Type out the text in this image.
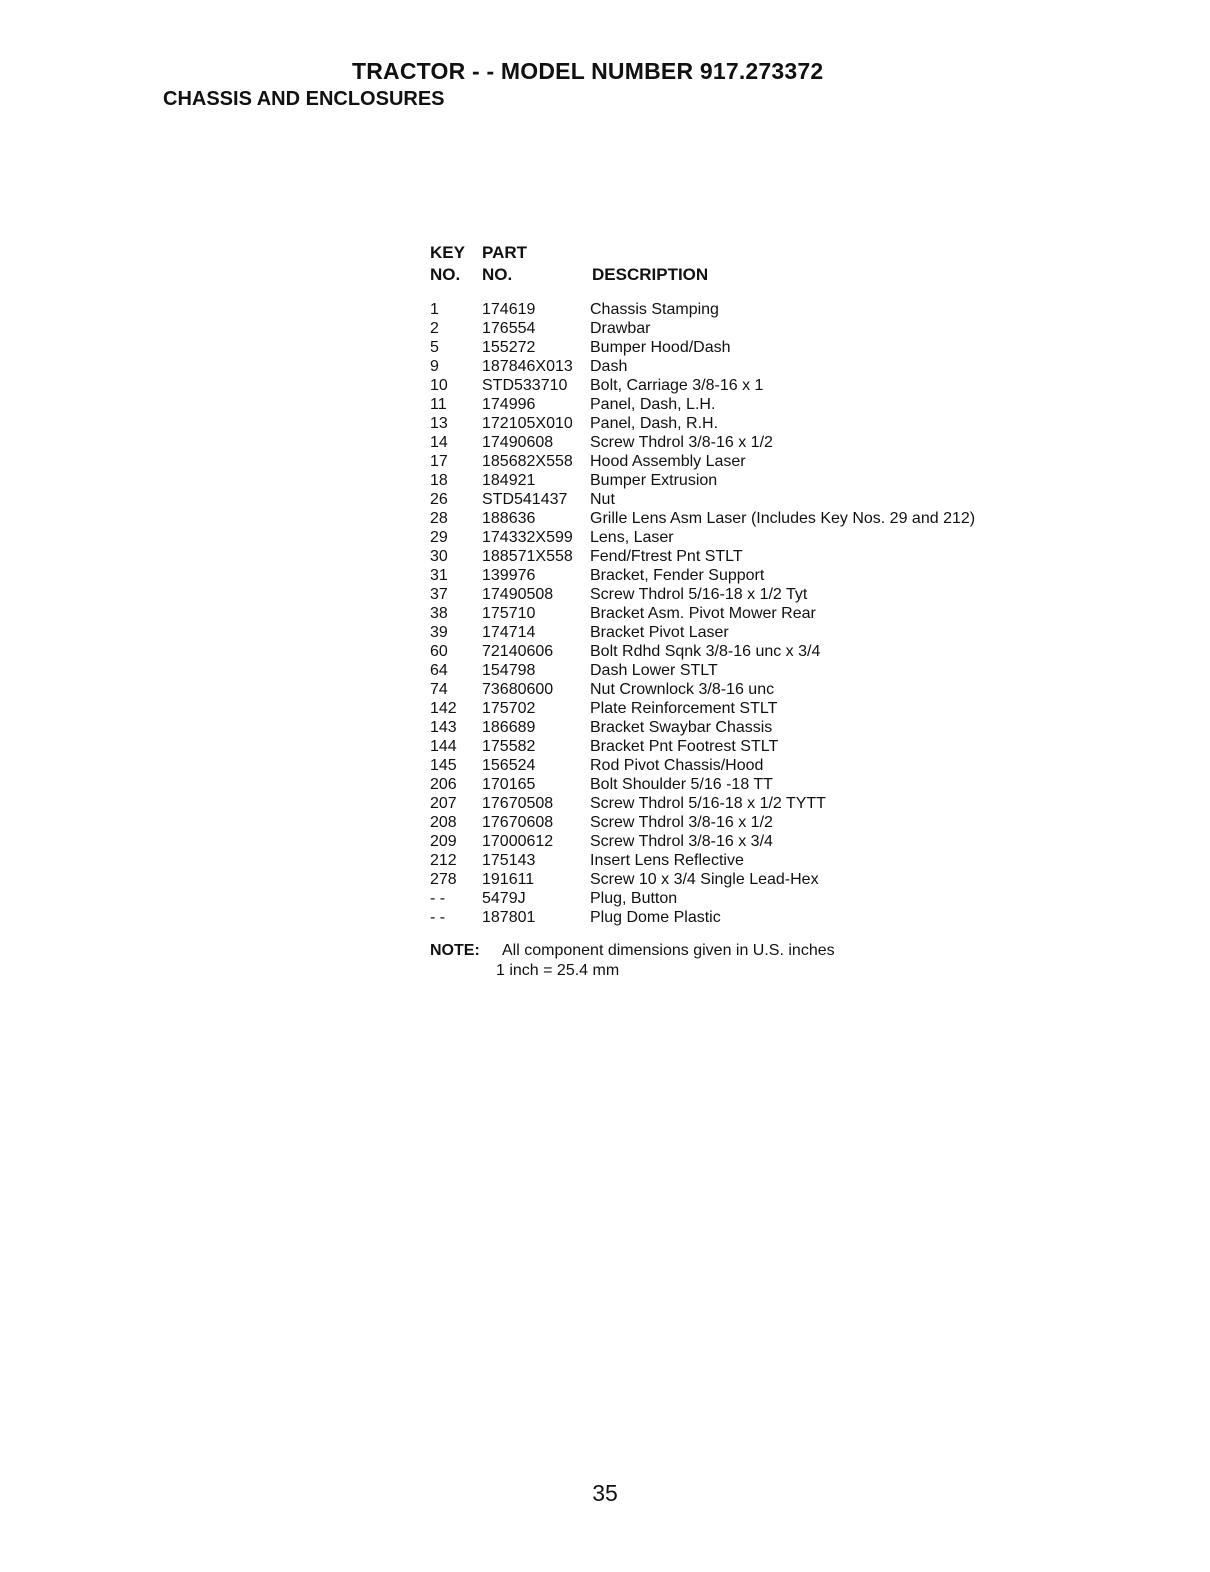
TRACTOR - - MODEL NUMBER 917.273372
CHASSIS AND ENCLOSURES
KEY
NO.
PART
NO.	DESCRIPTION
1	174619	Chassis Stamping
2	176554	Drawbar
5	155272	Bumper Hood/Dash
9	187846X013 Dash
10 STD533710 Bolt, Carriage 3/8-16 x 1
11 174996	Panel, Dash, L.H.
13 172105X010 Panel, Dash, R.H.
14 17490608 Screw Thdrol 3/8-16 x 1/2
17 185682X558 Hood Assembly Laser
18 184921	Bumper Extrusion
26 STD541437 Nut
28 188636	Grille Lens Asm Laser (Includes Key Nos. 29 and 212)
29 174332X599 Lens, Laser
30 188571X558 Fend/Ftrest Pnt STLT
31 139976	Bracket, Fender Support
37 17490508 Screw Thdrol 5/16-18 x 1/2 Tyt
38 175710	Bracket Asm. Pivot Mower Rear
39 174714	Bracket Pivot Laser
60 72140606 Bolt Rdhd Sqnk 3/8-16 unc x 3/4
64 154798	Dash Lower STLT
74 73680600 Nut Crownlock 3/8-16 unc
142 175702	Plate Reinforcement STLT
143 186689	Bracket Swaybar Chassis
144 175582	Bracket Pnt Footrest STLT
145 156524	Rod Pivot Chassis/Hood
206 170165	Bolt Shoulder 5/16 -18 TT
207 17670508 Screw Thdrol 5/16-18 x 1/2 TYTT
208 17670608 Screw Thdrol 3/8-16 x 1/2
209 17000612 Screw Thdrol 3/8-16 x 3/4
212 175143	Insert Lens Reflective
278 191611	Screw 10 x 3/4 Single Lead-Hex
- - 5479J	Plug, Button
- - 187801	Plug Dome Plastic
NOTE: All component dimensions given in U.S. inches
1 inch = 25.4 mm
35
